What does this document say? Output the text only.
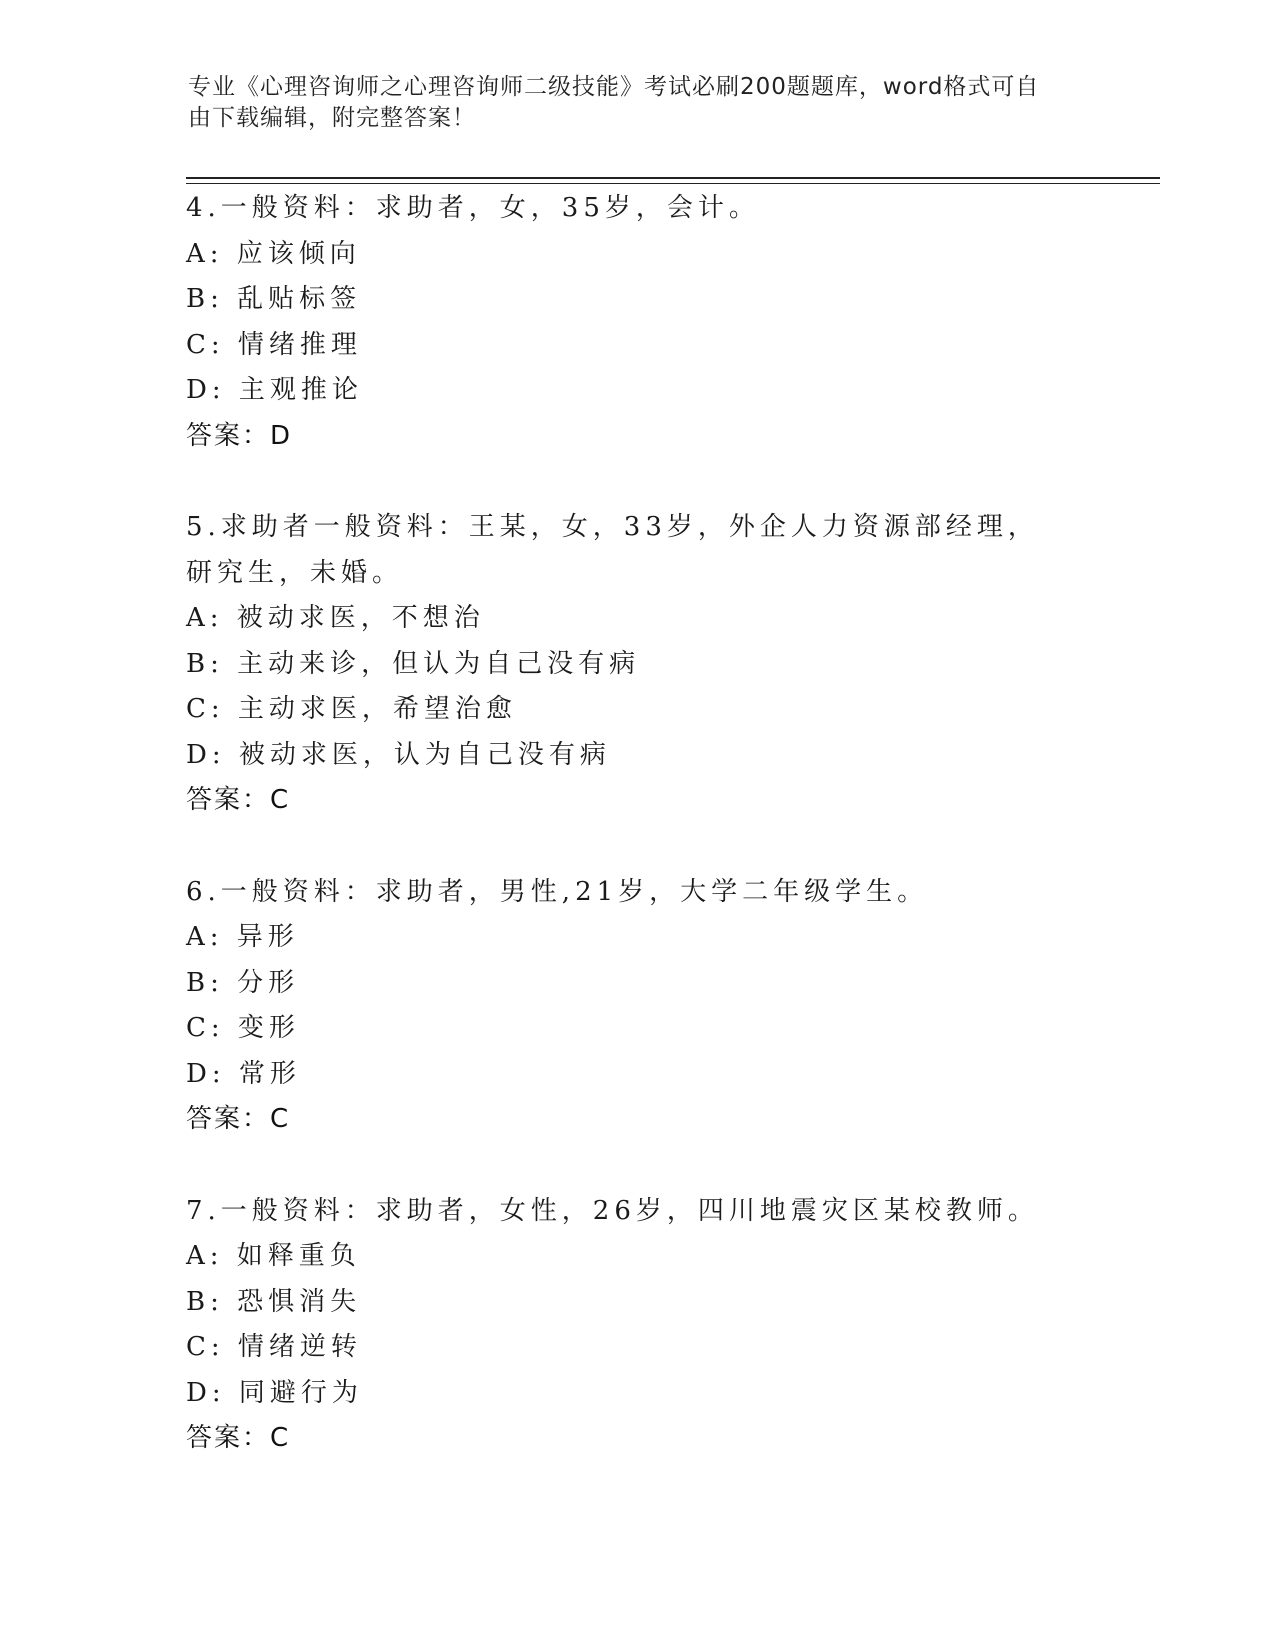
专业《心理咨询师之心理咨询师二级技能》考试必刷200题题库，word格式可自
由下载编辑，附完整答案！
4.一般资料：求助者，女，35岁，会计。
A: 应该倾向
B: 乱贴标签
C: 情绪推理
D: 主观推论
答案：D
5.求助者一般资料：王某，女，33岁，外企人力资源部经理，研究生，未婚。
A: 被动求医，不想治
B: 主动来诊，但认为自己没有病
C: 主动求医，希望治愈
D: 被动求医，认为自己没有病
答案：C
6.一般资料：求助者，男性,21岁，大学二年级学生。
A: 异形
B: 分形
C: 变形
D: 常形
答案：C
7.一般资料：求助者，女性，26岁，四川地震灾区某校教师。
A: 如释重负
B: 恐惧消失
C: 情绪逆转
D: 同避行为
答案：C
